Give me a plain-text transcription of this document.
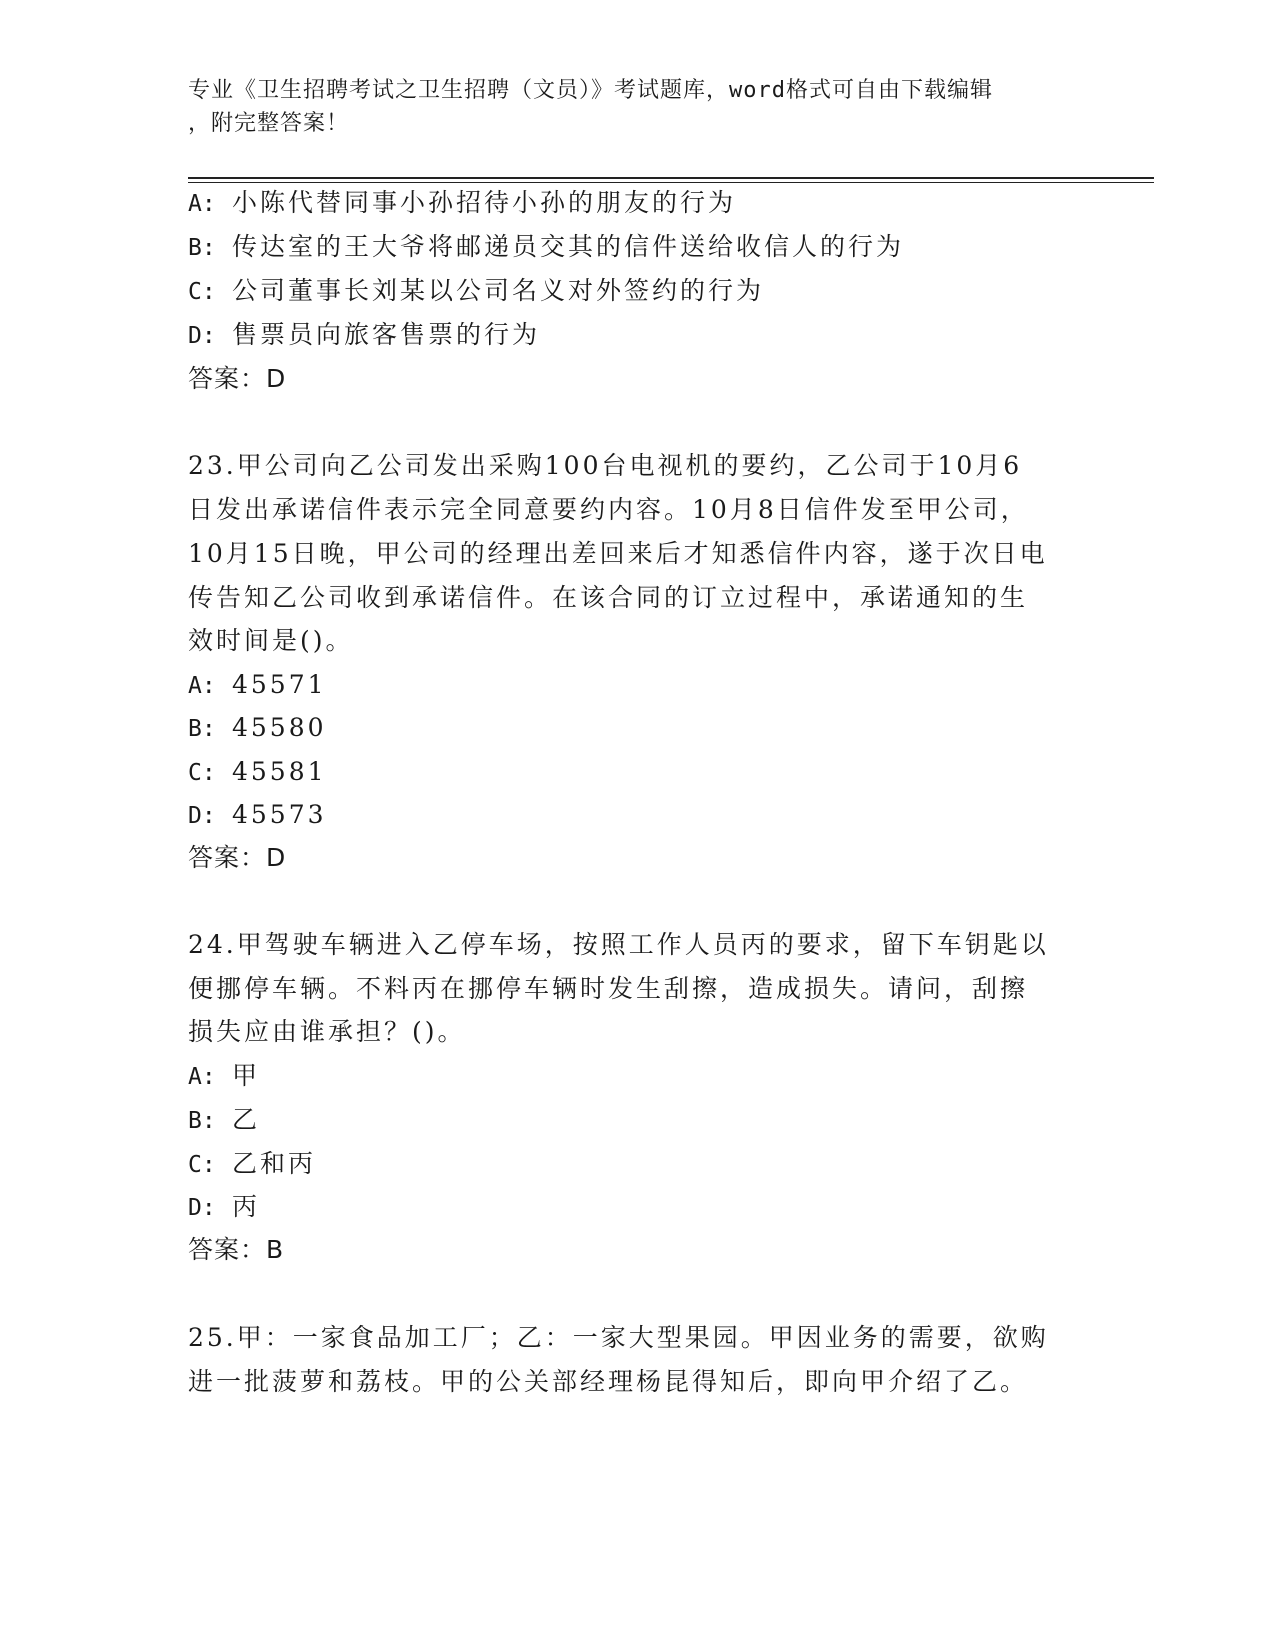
专业《卫生招聘考试之卫生招聘（文员）》考试题库，word格式可自由下载编辑
，附完整答案！
A: 小陈代替同事小孙招待小孙的朋友的行为
B: 传达室的王大爷将邮递员交其的信件送给收信人的行为
C: 公司董事长刘某以公司名义对外签约的行为
D: 售票员向旅客售票的行为
答案：D
23.甲公司向乙公司发出采购100台电视机的要约，乙公司于10月6
日发出承诺信件表示完全同意要约内容。10月8日信件发至甲公司，
10月15日晚，甲公司的经理出差回来后才知悉信件内容，遂于次日电
传告知乙公司收到承诺信件。在该合同的订立过程中，承诺通知的生
效时间是()。
A: 45571
B: 45580
C: 45581
D: 45573
答案：D
24.甲驾驶车辆进入乙停车场，按照工作人员丙的要求，留下车钥匙以
便挪停车辆。不料丙在挪停车辆时发生刮擦，造成损失。请问，刮擦
损失应由谁承担？()。
A: 甲
B: 乙
C: 乙和丙
D: 丙
答案：B
25.甲：一家食品加工厂；乙：一家大型果园。甲因业务的需要，欲购
进一批菠萝和荔枝。甲的公关部经理杨昆得知后，即向甲介绍了乙。
